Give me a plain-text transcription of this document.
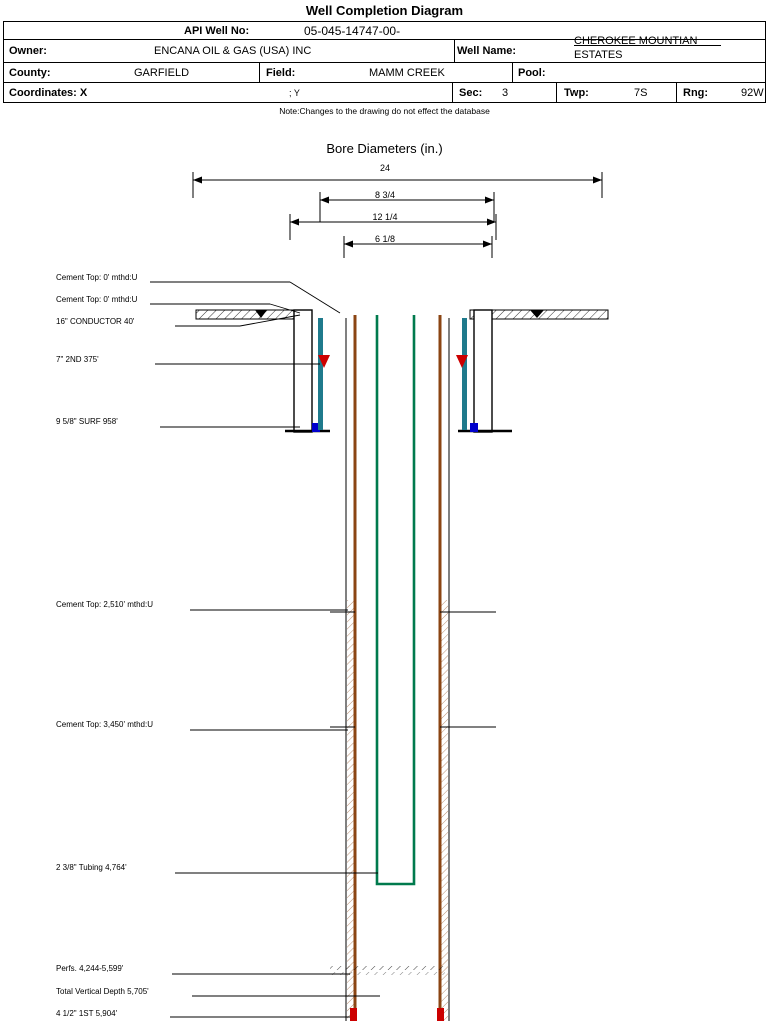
Well Completion Diagram
API Well No:	05-045-14747-00-
Owner:	ENCANA OIL & GAS (USA) INC	Well Name:
CHEROKEE MOUNTIAN
ESTATES
County:	GARFIELD	Field:	MAMM CREEK	Pool:
Coordinates: X	; Y	Sec: 3	Twp:	7S	Rng:	92W
Note:Changes to the drawing do not effect the database
Bore Diameters (in.)
24
8 3/4
12 1/4
6 1/8
Cement Top: 0' mthd:U
Cement Top: 0' mthd:U
16" CONDUCTOR 40'
7" 2ND 375'
9 5/8" SURF 958'
Cement Top: 2,510' mthd:U
Cement Top: 3,450' mthd:U
2 3/8" Tubing 4,764'
Perfs. 4,244-5,599'
Total Vertical Depth 5,705'
4 1/2" 1ST 5,904'
